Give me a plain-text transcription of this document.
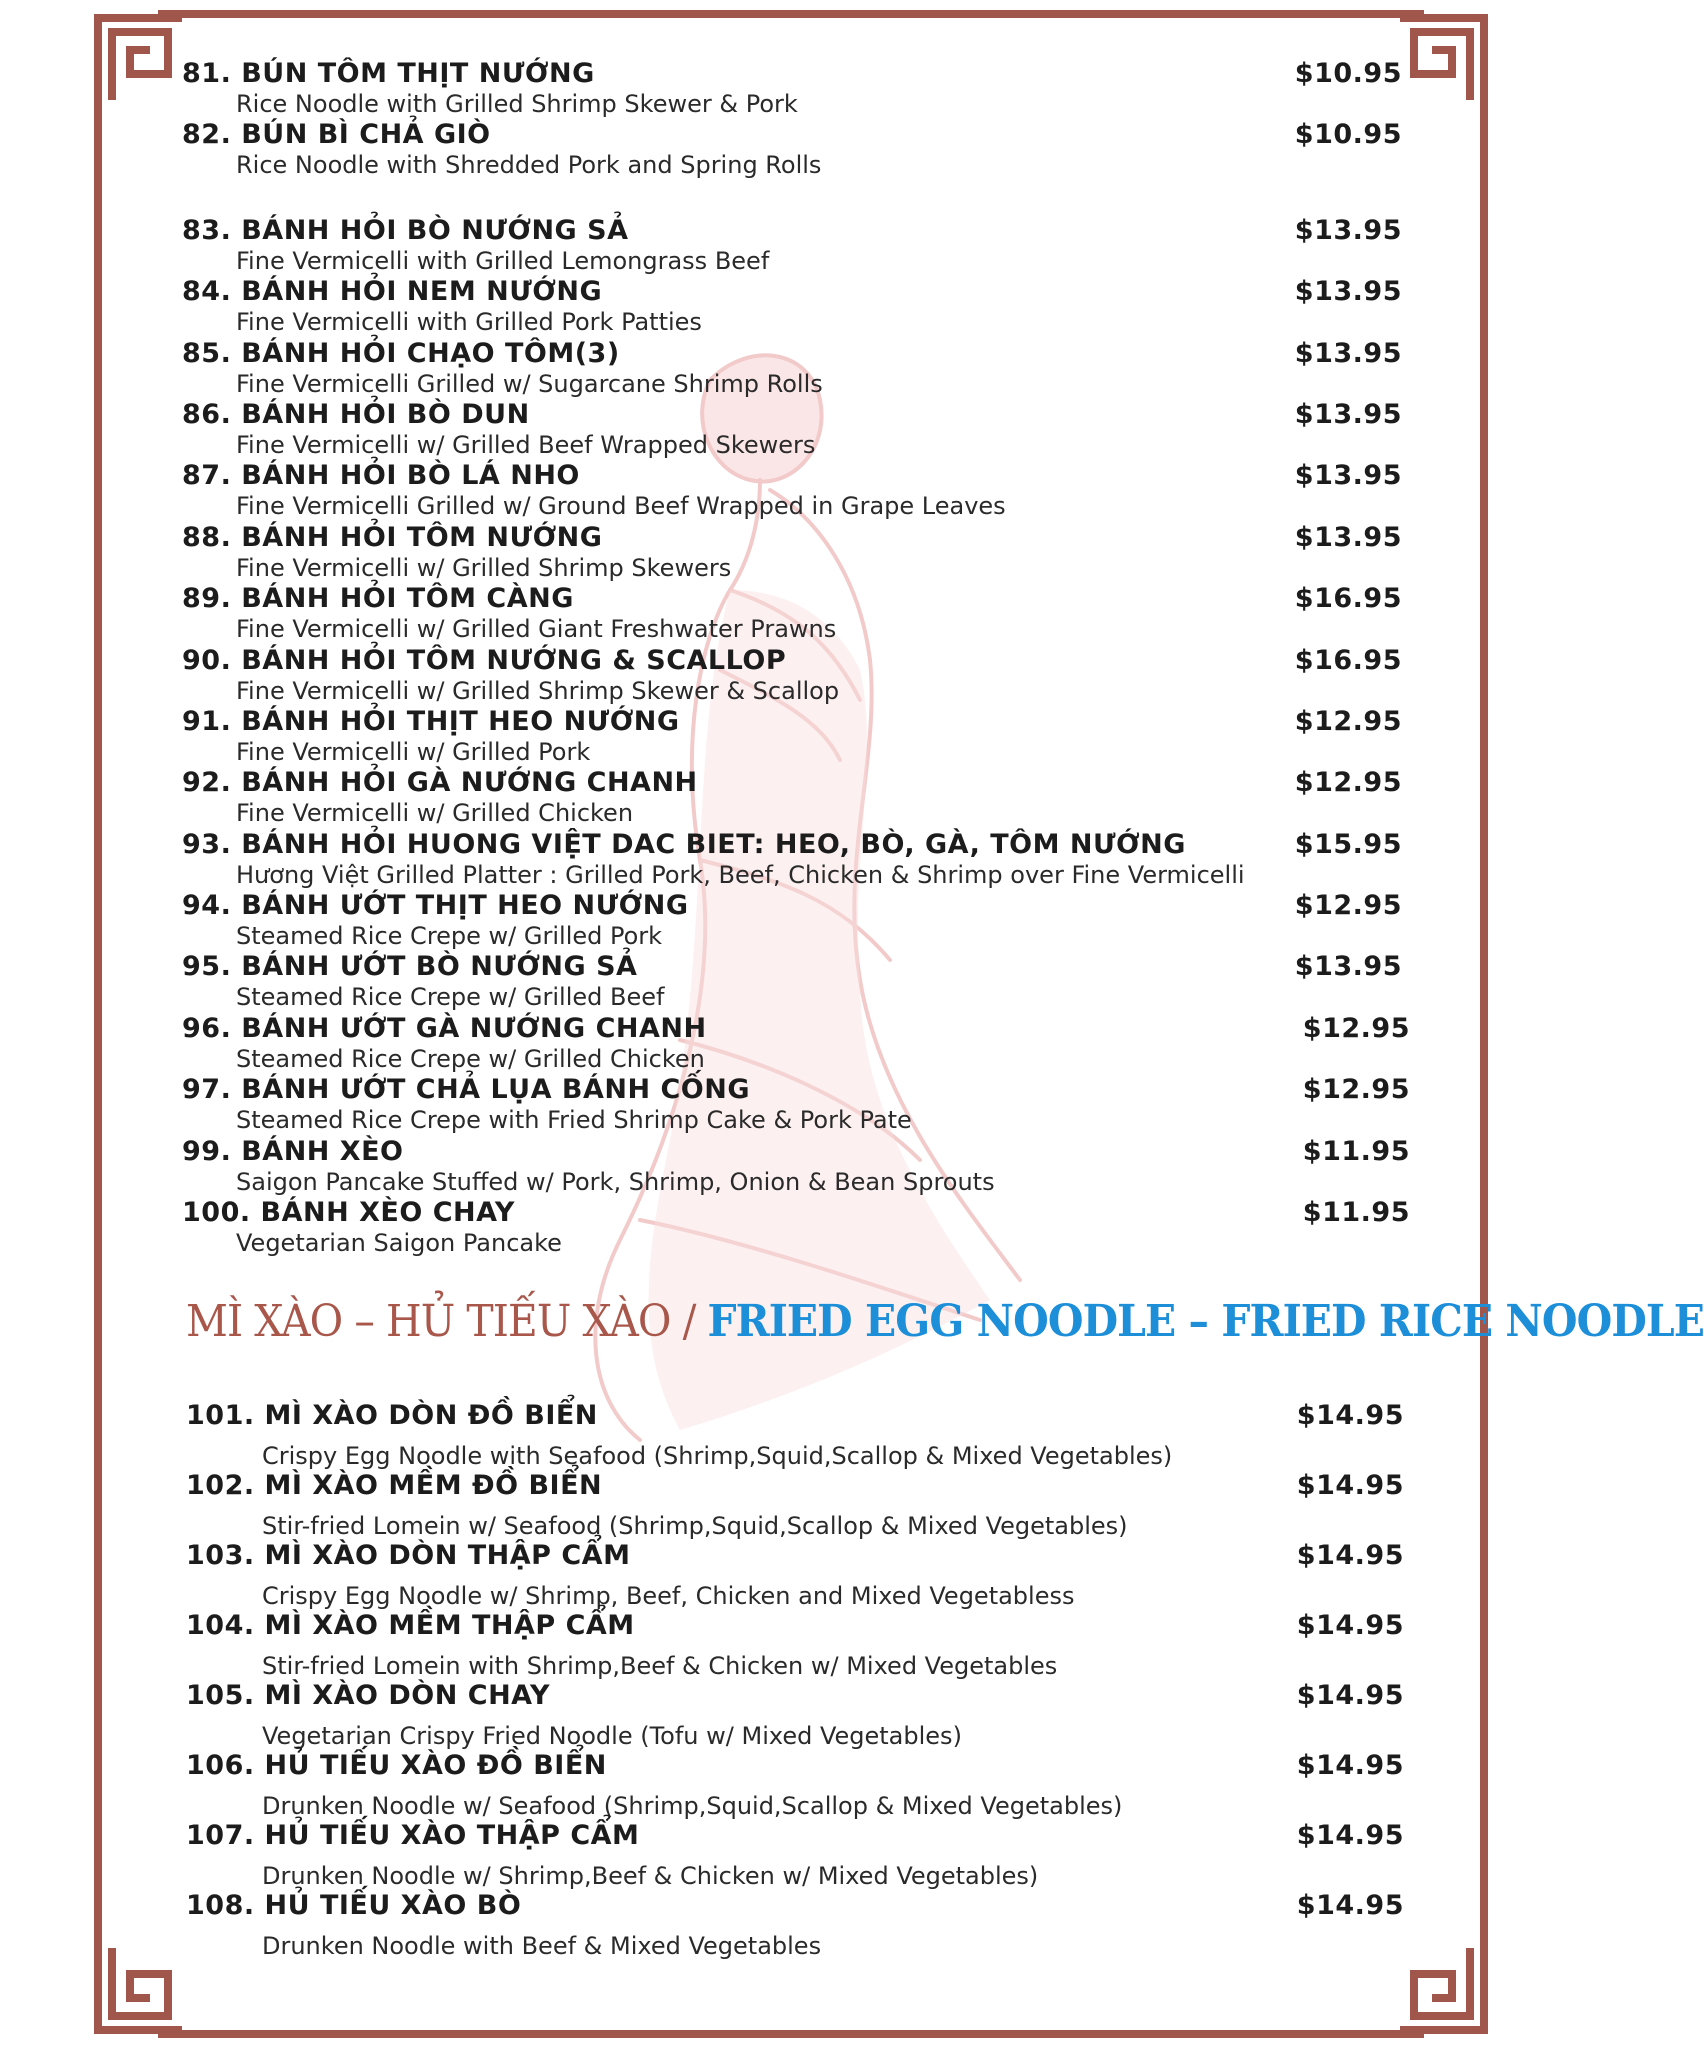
81. BÚN TÔM THỊT NƯỚNG
Rice Noodle with Grilled Shrimp Skewer & Pork
$10.95
82. BÚN BÌ CHẢ GIÒ
Rice Noodle with Shredded Pork and Spring Rolls
$10.95
83. BÁNH HỎI BÒ NƯỚNG SẢ
Fine Vermicelli with Grilled Lemongrass Beef
$13.95
84. BÁNH HỎI NEM NƯỚNG
Fine Vermicelli with Grilled Pork Patties
$13.95
85. BÁNH HỎI CHẠO TÔM(3)
Fine Vermicelli Grilled w/ Sugarcane Shrimp Rolls
$13.95
86. BÁNH HỎI BÒ DUN
Fine Vermicelli w/ Grilled Beef Wrapped Skewers
$13.95
87. BÁNH HỎI BÒ LÁ NHO
Fine Vermicelli Grilled w/ Ground Beef Wrapped in Grape Leaves
$13.95
88. BÁNH HỎI TÔM NƯỚNG
Fine Vermicelli w/ Grilled Shrimp Skewers
$13.95
89. BÁNH HỎI TÔM CÀNG
Fine Vermicelli w/ Grilled Giant Freshwater Prawns
$16.95
90. BÁNH HỎI TÔM NƯỚNG & SCALLOP
Fine Vermicelli w/ Grilled Shrimp Skewer & Scallop
$16.95
91. BÁNH HỎI THỊT HEO NƯỚNG
Fine Vermicelli w/ Grilled Pork
$12.95
92. BÁNH HỎI GÀ NƯỚNG CHANH
Fine Vermicelli w/ Grilled Chicken
$12.95
93. BÁNH HỎI HUONG VIỆT DAC BIET: HEO, BÒ, GÀ, TÔM NƯỚNG
Hương Việt Grilled Platter : Grilled Pork, Beef, Chicken & Shrimp over Fine Vermicelli
$15.95
94. BÁNH ƯỚT THỊT HEO NƯỚNG
Steamed Rice Crepe w/ Grilled Pork
$12.95
95. BÁNH ƯỚT BÒ NƯỚNG SẢ
Steamed Rice Crepe w/ Grilled Beef
$13.95
96. BÁNH ƯỚT GÀ NƯỚNG CHANH
Steamed Rice Crepe w/ Grilled Chicken
$12.95
97. BÁNH ƯỚT CHẢ LỤA BÁNH CỐNG
Steamed Rice Crepe with Fried Shrimp Cake & Pork Pate
$12.95
99. BÁNH XÈO
Saigon Pancake Stuffed w/ Pork, Shrimp, Onion & Bean Sprouts
$11.95
100. BÁNH XÈO CHAY
Vegetarian Saigon Pancake
$11.95
MÌ XÀO – HỦ TIẾU XÀO / FRIED EGG NOODLE – FRIED RICE NOODLE
101. MÌ XÀO DÒN ĐỒ BIỂN
Crispy Egg Noodle with Seafood (Shrimp,Squid,Scallop & Mixed Vegetables)
$14.95
102. MÌ XÀO MỀM ĐỒ BIỂN
Stir-fried Lomein w/ Seafood (Shrimp,Squid,Scallop & Mixed Vegetables)
$14.95
103. MÌ XÀO DÒN THẬP CẨM
Crispy Egg Noodle w/ Shrimp, Beef, Chicken and Mixed Vegetabless
$14.95
104. MÌ XÀO MỀM THẬP CẨM
Stir-fried Lomein with Shrimp,Beef & Chicken w/ Mixed Vegetables
$14.95
105. MÌ XÀO DÒN CHAY
Vegetarian Crispy Fried Noodle (Tofu w/ Mixed Vegetables)
$14.95
106. HỦ TIẾU XÀO ĐỒ BIỂN
Drunken Noodle w/ Seafood (Shrimp,Squid,Scallop & Mixed Vegetables)
$14.95
107. HỦ TIẾU XÀO THẬP CẨM
Drunken Noodle w/ Shrimp,Beef & Chicken w/ Mixed Vegetables)
$14.95
108. HỦ TIẾU XÀO BÒ
Drunken Noodle with Beef & Mixed Vegetables
$14.95
